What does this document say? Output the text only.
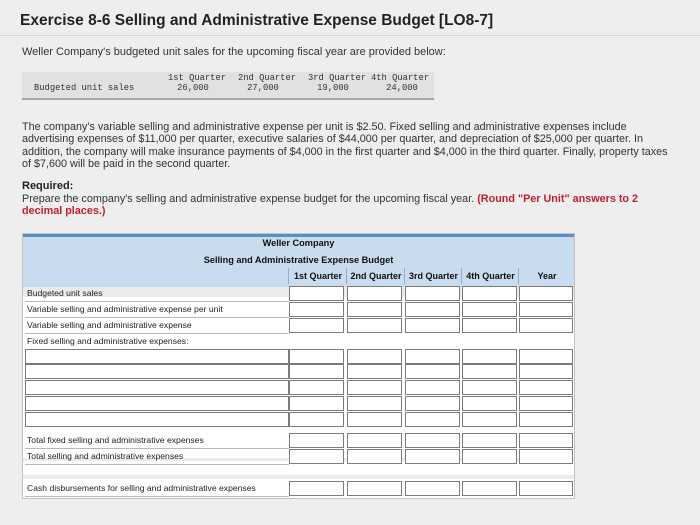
Exercise 8-6 Selling and Administrative Expense Budget [LO8-7]
Weller Company's budgeted unit sales for the upcoming fiscal year are provided below:
Budgeted unit sales
1st Quarter	2nd Quarter	3rd Quarter 4th Quarter
26,000	27,000	19,000	24,000
The company's variable selling and administrative expense per unit is $2.50. Fixed selling and administrative expenses include advertising expenses of $11,000 per quarter, executive salaries of $44,000 per quarter, and depreciation of $25,000 per quarter. In addition, the company will make insurance payments of $4,000 in the first quarter and $4,000 in the third quarter. Finally, property taxes of $7,600 will be paid in the second quarter.
Required:
Prepare the company's selling and administrative expense budget for the upcoming fiscal year. (Round "Per Unit" answers to 2 decimal places.)
Weller Company
Selling and Administrative Expense Budget
1st Quarter 2nd Quarter 3rd Quarter 4th Quarter	Year
Budgeted unit sales
Variable selling and administrative expense per unit
Variable selling and administrative expense
Fixed selling and administrative expenses:
Total fixed selling and administrative expenses
Total selling and administrative expenses
Cash disbursements for selling and administrative expenses
